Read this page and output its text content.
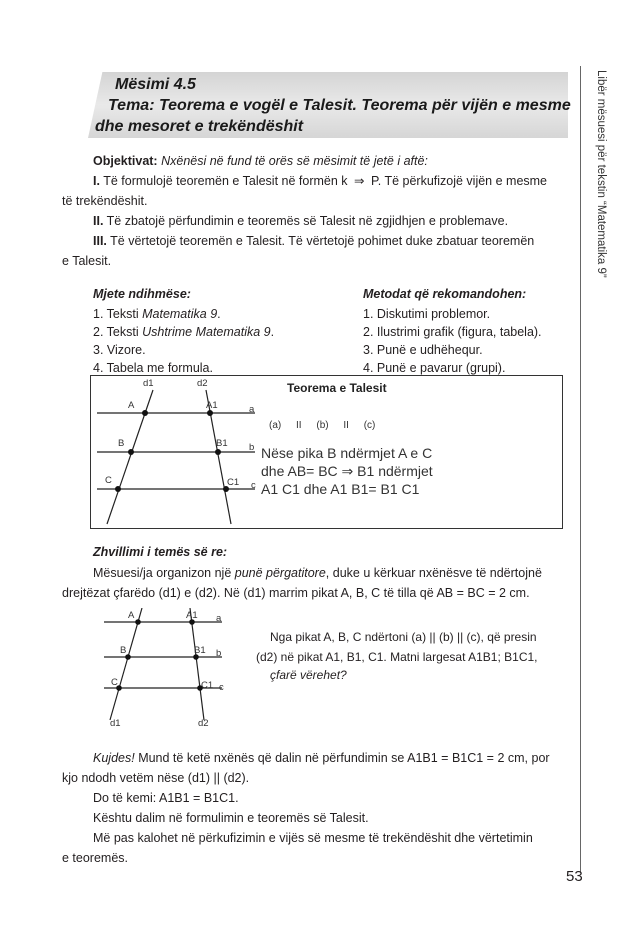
Libër mësuesi për tekstin “Matematika 9”
Mësimi 4.5
Tema: Teorema e vogël e Talesit. Teorema për vijën e mesme
dhe mesoret e trekëndëshit
Objektivat: Nxënësi në fund të orës së mësimit të jetë i aftë:
I. Të formulojë teoremën e Talesit në formën k ⇒ P. Të përkufizojë vijën e mesme
të trekëndëshit.
II. Të zbatojë përfundimin e teoremës së Talesit në zgjidhjen e problemave.
III. Të vërtetojë teoremën e Talesit. Të vërtetojë pohimet duke zbatuar teoremën
e Talesit.
Mjete ndihmëse:
1. Teksti Matematika 9.
2. Teksti Ushtrime Matematika 9.
3. Vizore.
4. Tabela me formula.
Metodat që rekomandohen:
1. Diskutimi problemor.
2. Ilustrimi grafik (figura, tabela).
3. Punë e udhëhequr.
4. Punë e pavarur (grupi).
d1	d2
A	A1	a
B	B1 b
C	C1 c
Teorema e Talesit
(a) II (b) II (c)
Nëse pika B ndërmjet A e C
dhe AB= BC ⇒ B1 ndërmjet
A1 C1 dhe A1 B1= B1 C1
Zhvillimi i temës së re:
Mësuesi/ja organizon një punë përgatitore, duke u kërkuar nxënësve të ndërtojnë
drejtëzat çfarëdo (d1) e (d2). Në (d1) marrim pikat A, B, C të tilla që AB = BC = 2 cm.
A	A1 a
B	B1 b
C	C1 c
d1	d2
Nga pikat A, B, C ndërtoni (a) || (b) || (c), që presin
(d2) në pikat A1, B1, C1. Matni largesat A1B1; B1C1,
çfarë vërehet?
Kujdes! Mund të ketë nxënës që dalin në përfundimin se A1B1 = B1C1 = 2 cm, por
kjo ndodh vetëm nëse (d1) || (d2).
Do të kemi: A1B1 = B1C1.
Kështu dalim në formulimin e teoremës së Talesit.
Më pas kalohet në përkufizimin e vijës së mesme të trekëndëshit dhe vërtetimin
e teoremës.
53
